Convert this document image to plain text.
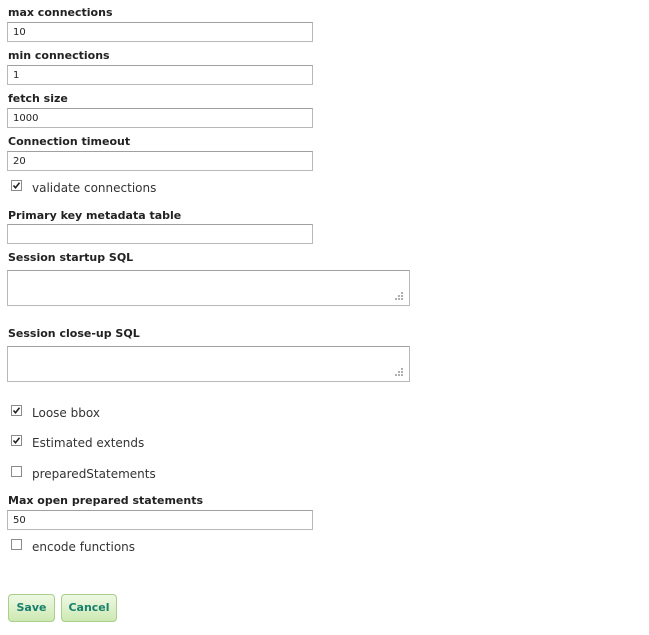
max connections
10
min connections
1
fetch size
1000
Connection timeout
20
validate connections
Primary key metadata table
Session startup SQL
Session close-up SQL
Loose bbox
Estimated extends
preparedStatements
Max open prepared statements
50
encode functions
Save	Cancel
